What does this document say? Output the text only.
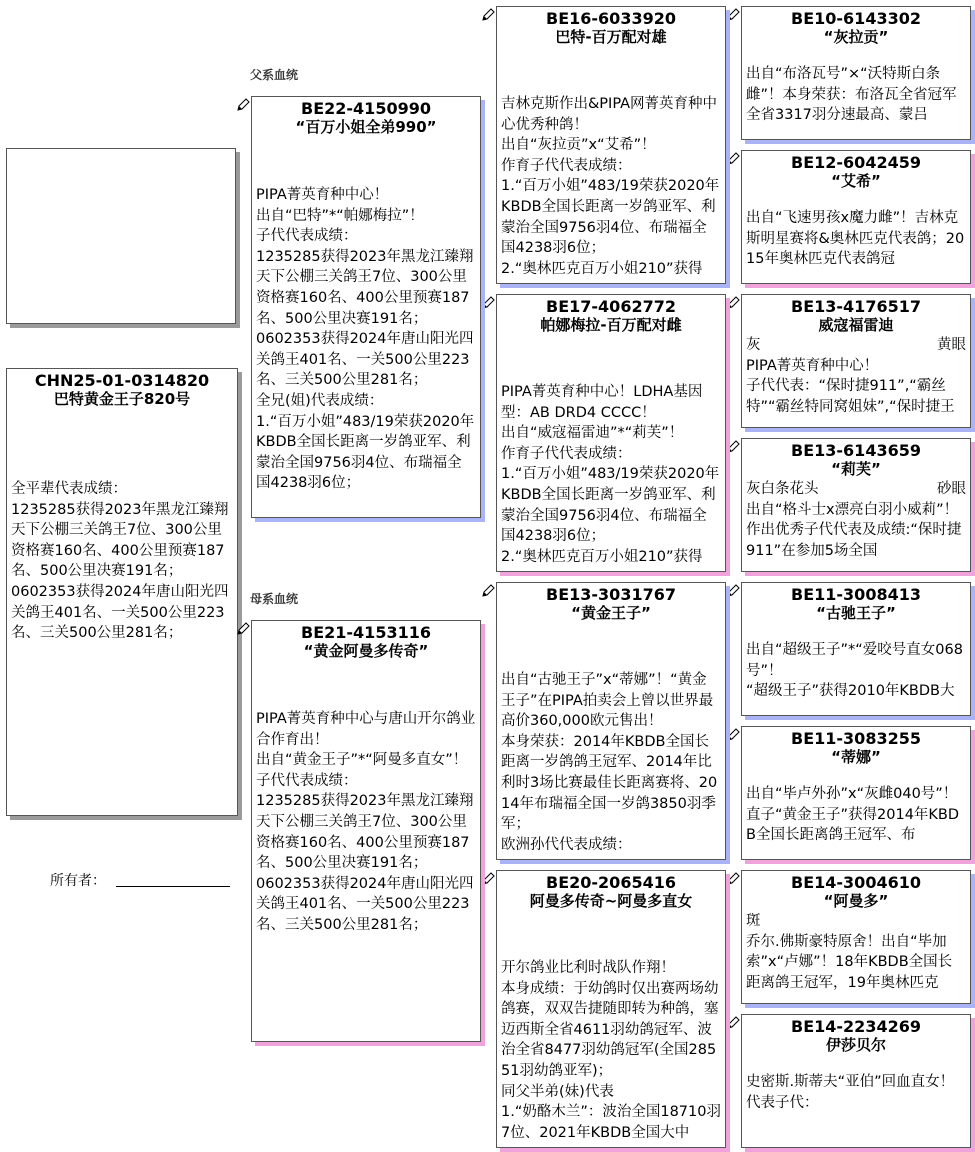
父系血统
母系血统
CHN25-01-0314820
巴特黄金王子820号
全平辈代表成绩：
1235285获得2023年黑龙江臻翔天下公棚三关鸽王7位、300公里资格赛160名、400公里预赛187名、500公里决赛191名；
0602353获得2024年唐山阳光四关鸽王401名、一关500公里223名、三关500公里281名；
所有者：
BE22-4150990
“百万小姐全弟990”
PIPA菁英育种中心！
出自“巴特”*“帕娜梅拉”！
子代代表成绩：
1235285获得2023年黑龙江臻翔天下公棚三关鸽王7位、300公里资格赛160名、400公里预赛187名、500公里决赛191名；
0602353获得2024年唐山阳光四关鸽王401名、一关500公里223名、三关500公里281名；
全兄(姐)代表成绩：
1.“百万小姐”483/19荣获2020年KBDB全国长距离一岁鸽亚军、利蒙治全国9756羽4位、布瑞福全国4238羽6位；
BE21-4153116
“黄金阿曼多传奇”
PIPA菁英育种中心与唐山开尔鸽业合作育出！
出自“黄金王子”*“阿曼多直女”！
子代代表成绩：
1235285获得2023年黑龙江臻翔天下公棚三关鸽王7位、300公里资格赛160名、400公里预赛187名、500公里决赛191名；
0602353获得2024年唐山阳光四关鸽王401名、一关500公里223名、三关500公里281名；
BE16-6033920
巴特-百万配对雄
吉林克斯作出&PIPA网菁英育种中心优秀种鸽！
出自“灰拉贡”x“艾希”！
作育子代代表成绩：
1.“百万小姐”483/19荣获2020年KBDB全国长距离一岁鸽亚军、利蒙治全国9756羽4位、布瑞福全国4238羽6位；
2.“奥林匹克百万小姐210”获得
BE17-4062772
帕娜梅拉-百万配对雌
PIPA菁英育种中心！LDHA基因型：AB DRD4 CCCC！
出自“威寇福雷迪”*“莉芙”！
作育子代代表成绩：
1.“百万小姐”483/19荣获2020年KBDB全国长距离一岁鸽亚军、利蒙治全国9756羽4位、布瑞福全国4238羽6位；
2.“奥林匹克百万小姐210”获得
BE13-3031767
“黄金王子”
出自“古驰王子”x“蒂娜”！“黄金王子”在PIPA拍卖会上曾以世界最高价360,000欧元售出！
本身荣获：2014年KBDB全国长距离一岁鸽鸽王冠军、2014年比利时3场比赛最佳长距离赛将、2014年布瑞福全国一岁鸽3850羽季军；
欧洲孙代代表成绩：
BE20-2065416
阿曼多传奇~阿曼多直女
开尔鸽业比利时战队作翔！
本身成绩：于幼鸽时仅出赛两场幼鸽赛，双双告捷随即转为种鸽，塞迈西斯全省4611羽幼鸽冠军、波治全省8477羽幼鸽冠军(全国28551羽幼鸽亚军)；
同父半弟(妹)代表
1.“奶酪木兰”：波治全国18710羽7位、2021年KBDB全国大中
BE10-6143302
“灰拉贡”
出自“布洛瓦号”×“沃特斯白条雌”！本身荣获：布洛瓦全省冠军全省3317羽分速最高、蒙吕
BE12-6042459
“艾希”
出自“飞速男孩x魔力雌”！吉林克斯明星赛将&奥林匹克代表鸽；2015年奥林匹克代表鸽冠
BE13-4176517
威寇福雷迪
灰	黄眼
PIPA菁英育种中心！
子代代表：“保时捷911”,“霸丝特”“霸丝特同窝姐妹”,“保时捷王
BE13-6143659
“莉芙”
灰白条花头	砂眼
出自“格斗士x漂亮白羽小威莉”！作出优秀子代代表及成绩:“保时捷911”在参加5场全国
BE11-3008413
“古驰王子”
出自“超级王子”*“爱咬号直女068号”！
“超级王子”获得2010年KBDB大
BE11-3083255
“蒂娜”
出自“毕卢外孙”x“灰雌040号”！直子“黄金王子”获得2014年KBDB全国长距离鸽王冠军、布
BE14-3004610
“阿曼多”
斑
乔尔.佛斯豪特原舍！出自“毕加索”x“卢娜”！18年KBDB全国长距离鸽王冠军，19年奥林匹克
BE14-2234269
伊莎贝尔
史密斯.斯蒂夫“亚伯”回血直女！
代表子代：
